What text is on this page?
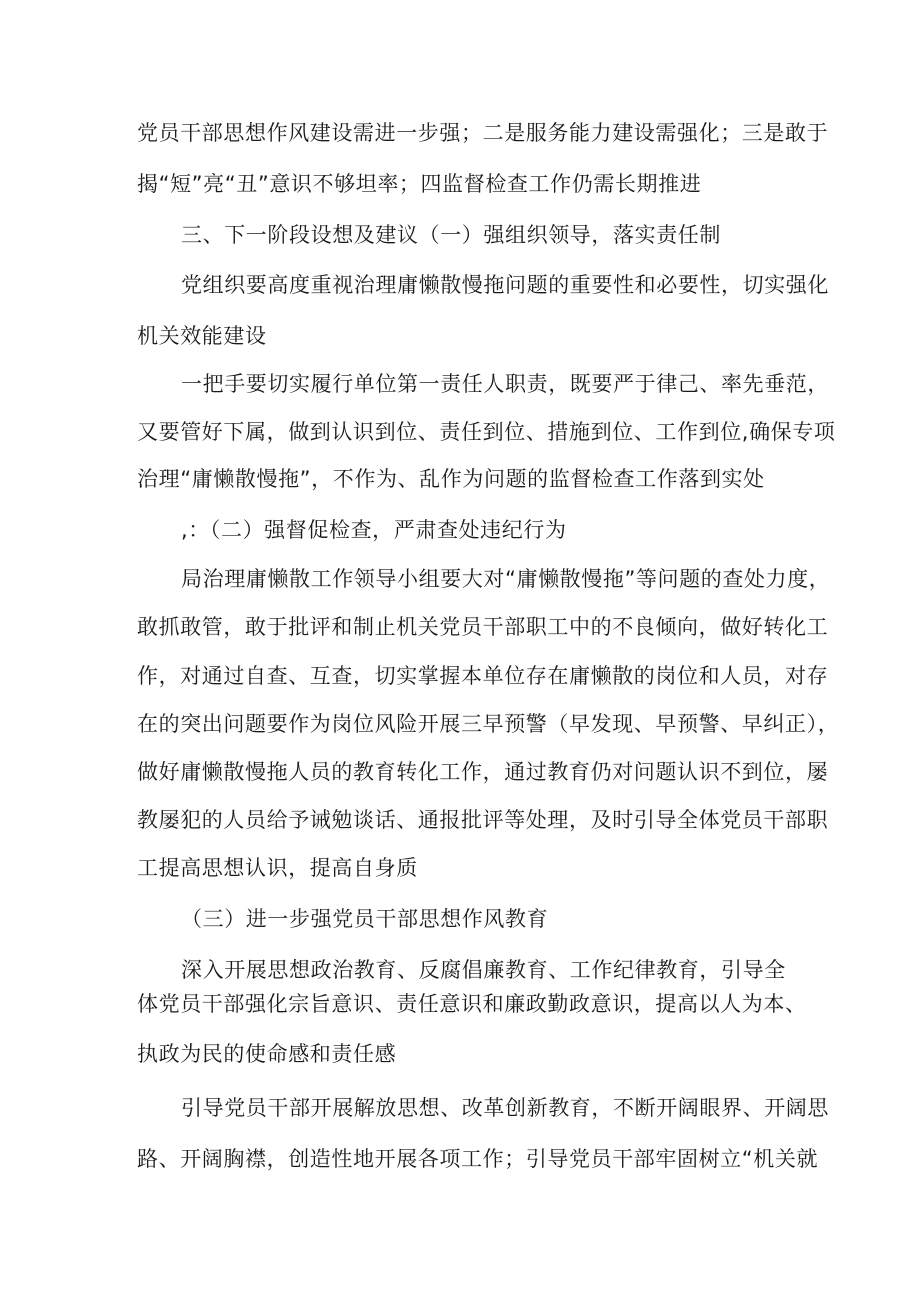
党员干部思想作风建设需进一步强；二是服务能力建设需强化；三是敢于
揭“短”亮“丑”意识不够坦率；四监督检查工作仍需长期推进
三、下一阶段设想及建议（一）强组织领导，落实责任制
党组织要高度重视治理庸懒散慢拖问题的重要性和必要性，切实强化
机关效能建设
一把手要切实履行单位第一责任人职责，既要严于律己、率先垂范，
又要管好下属，做到认识到位、责任到位、措施到位、工作到位,确保专项
治理“庸懒散慢拖”，不作为、乱作为问题的监督检查工作落到实处
,：（二）强督促检查，严肃查处违纪行为
局治理庸懒散工作领导小组要大对“庸懒散慢拖”等问题的查处力度，
敢抓敢管，敢于批评和制止机关党员干部职工中的不良倾向，做好转化工
作，对通过自查、互查，切实掌握本单位存在庸懒散的岗位和人员，对存
在的突出问题要作为岗位风险开展三早预警（早发现、早预警、早纠正），
做好庸懒散慢拖人员的教育转化工作，通过教育仍对问题认识不到位，屡
教屡犯的人员给予诫勉谈话、通报批评等处理，及时引导全体党员干部职
工提高思想认识，提高自身质
（三）进一步强党员干部思想作风教育
深入开展思想政治教育、反腐倡廉教育、工作纪律教育，引导全
体党员干部强化宗旨意识、责任意识和廉政勤政意识，提高以人为本、
执政为民的使命感和责任感
引导党员干部开展解放思想、改革创新教育，不断开阔眼界、开阔思
路、开阔胸襟，创造性地开展各项工作；引导党员干部牢固树立“机关就
